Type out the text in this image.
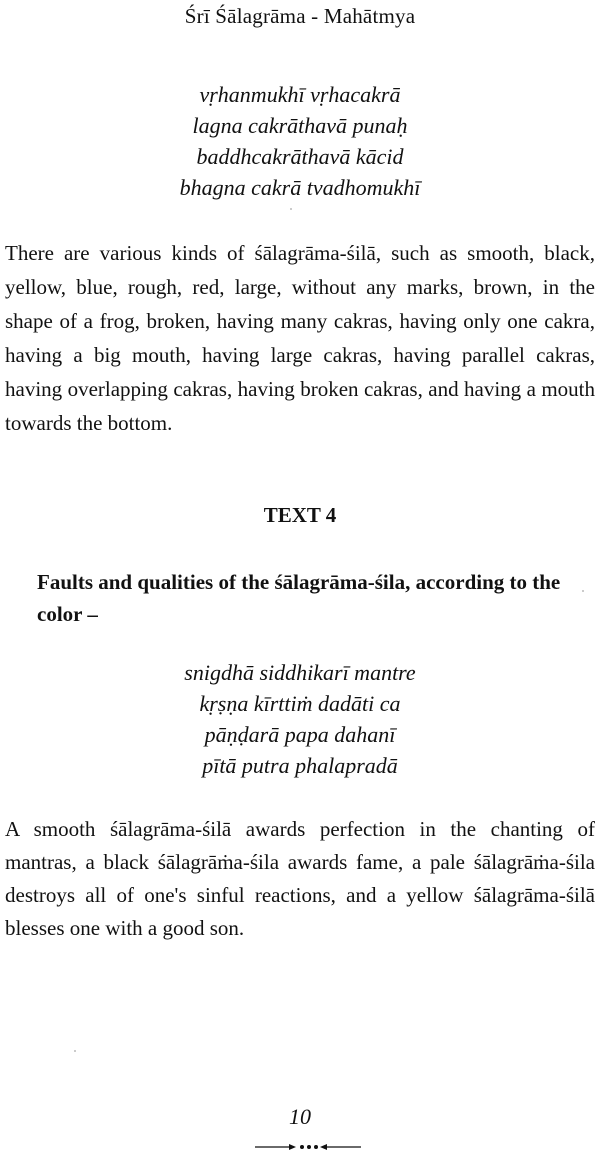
Śrī Śālagrāma - Mahātmya
vṛhanmukhī vṛhacakrā
lagna cakrāthavā punaḥ
baddhcakrāthavā kācid
bhagna cakrā tvadhomukhī

There are various kinds of śālagrāma-śilā, such as smooth, black, yellow, blue, rough, red, large, without any marks, brown, in the shape of a frog, broken, having many cakras, having only one cakra, having a big mouth, having large cakras, having parallel cakras, having overlapping cakras, having broken cakras, and having a mouth towards the bottom.

TEXT 4

Faults and qualities of the śālagrāma-śila, according to the color –

snigdhā siddhikarī mantre
kṛṣṇa kīrttiṁ dadāti ca
pāṇḍarā papa dahanī
pītā putra phalapradā

A smooth śālagrāma-śilā awards perfection in the chanting of mantras, a black śālagrāṁa-śila awards fame, a pale śālagrāṁa-śila destroys all of one's sinful reactions, and a yellow śālagrāma-śilā blesses one with a good son.

10
